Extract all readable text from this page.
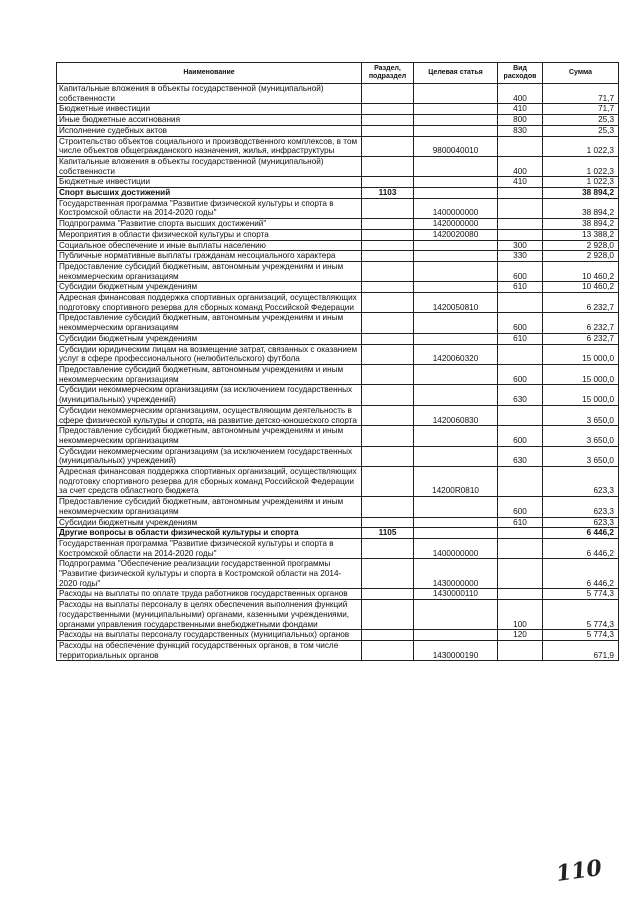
Наименование	Раздел, подраздел	Целевая статья	Вид расходов	Сумма
Капитальные вложения в объекты государственной (муниципальной) собственности			400	71,7
Бюджетные инвестиции			410	71,7
Иные бюджетные ассигнования			800	25,3
Исполнение судебных актов			830	25,3
Строительство объектов социального и производственного комплексов, в том числе объектов общегражданского назначения, жилья, инфраструктуры		9800040010		1 022,3
Капитальные вложения в объекты государственной (муниципальной) собственности			400	1 022,3
Бюджетные инвестиции			410	1 022,3
Спорт высших достижений	1103			38 894,2
Государственная программа "Развитие физической культуры и спорта в Костромской области на 2014-2020 годы"		1400000000		38 894,2
Подпрограмма "Развитие спорта высших достижений"		1420000000		38 894,2
Мероприятия в области физической культуры и спорта		1420020080		13 388,2
Социальное обеспечение и иные выплаты населению			300	2 928,0
Публичные нормативные выплаты гражданам несоциального характера			330	2 928,0
Предоставление субсидий бюджетным, автономным учреждениям и иным некоммерческим организациям			600	10 460,2
Субсидии бюджетным учреждениям			610	10 460,2
Адресная финансовая поддержка спортивных организаций, осуществляющих подготовку спортивного резерва для сборных команд Российской Федерации		1420050810		6 232,7
Предоставление субсидий бюджетным, автономным учреждениям и иным некоммерческим организациям			600	6 232,7
Субсидии бюджетным учреждениям			610	6 232,7
Субсидии юридическим лицам на возмещение затрат, связанных с оказанием услуг в сфере профессионального (нелюбительского) футбола		1420060320		15 000,0
Предоставление субсидий бюджетным, автономным учреждениям и иным некоммерческим организациям			600	15 000,0
Субсидии некоммерческим организациям (за исключением государственных (муниципальных) учреждений)			630	15 000,0
Субсидии некоммерческим организациям, осуществляющим деятельность в сфере физической культуры и спорта, на развитие детско-юношеского спорта		1420060830		3 650,0
Предоставление субсидий бюджетным, автономным учреждениям и иным некоммерческим организациям			600	3 650,0
Субсидии некоммерческим организациям (за исключением государственных (муниципальных) учреждений)			630	3 650,0
Адресная финансовая поддержка спортивных организаций, осуществляющих подготовку спортивного резерва для сборных команд Российской Федерации за счет средств областного бюджета		14200R0810		623,3
Предоставление субсидий бюджетным, автономным учреждениям и иным некоммерческим организациям			600	623,3
Субсидии бюджетным учреждениям			610	623,3
Другие вопросы в области физической культуры и спорта	1105			6 446,2
Государственная программа "Развитие физической культуры и спорта в Костромской области на 2014-2020 годы"		1400000000		6 446,2
Подпрограмма "Обеспечение реализации государственной программы "Развитие физической культуры и спорта в Костромской области на 2014-2020 годы"		1430000000		6 446,2
Расходы на выплаты по оплате труда работников государственных органов		1430000110		5 774,3
Расходы на выплаты персоналу в целях обеспечения выполнения функций государственными (муниципальными) органами, казенными учреждениями, органами управления государственными внебюджетными фондами			100	5 774,3
Расходы на выплаты персоналу государственных (муниципальных) органов			120	5 774,3
Расходы на обеспечение функций государственных органов, в том числе территориальных органов		1430000190		671,9
110
